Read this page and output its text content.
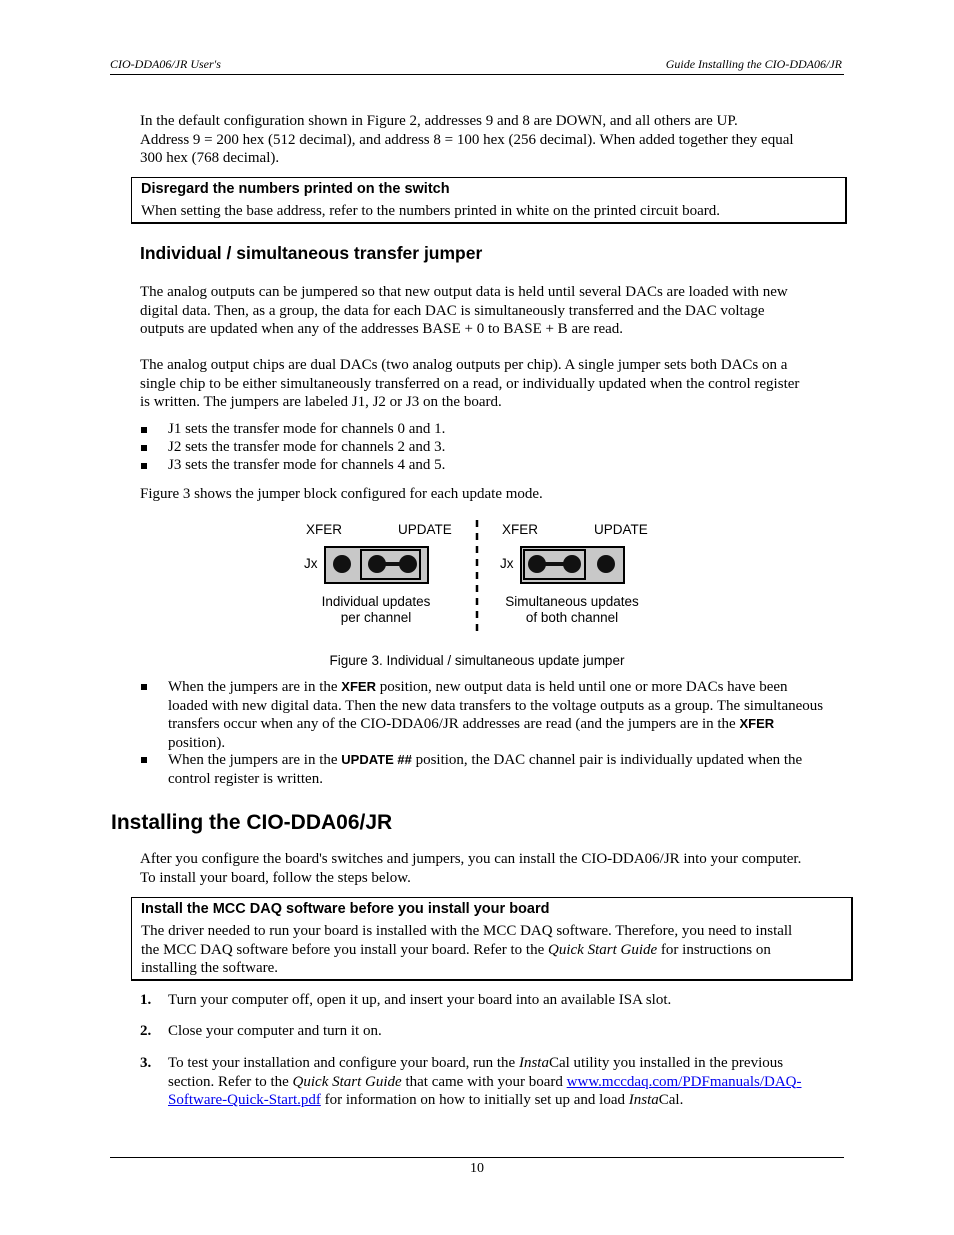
CIO-DDA06/JR User's	Guide Installing the CIO-DDA06/JR
In the default configuration shown in Figure 2, addresses 9 and 8 are DOWN, and all others are UP.
Address 9 = 200 hex (512 decimal), and address 8 = 100 hex (256 decimal). When added together they equal
300 hex (768 decimal).
Disregard the numbers printed on the switch
When setting the base address, refer to the numbers printed in white on the printed circuit board.
Individual / simultaneous transfer jumper
The analog outputs can be jumpered so that new output data is held until several DACs are loaded with new
digital data. Then, as a group, the data for each DAC is simultaneously transferred and the DAC voltage
outputs are updated when any of the addresses BASE + 0 to BASE + B are read.
The analog output chips are dual DACs (two analog outputs per chip). A single jumper sets both DACs on a
single chip to be either simultaneously transferred on a read, or individually updated when the control register
is written. The jumpers are labeled J1, J2 or J3 on the board.
J1 sets the transfer mode for channels 0 and 1.
J2 sets the transfer mode for channels 2 and 3.
J3 sets the transfer mode for channels 4 and 5.
Figure 3 shows the jumper block configured for each update mode.
XFER	UPDATE
Jx
Individual updates
per channel
XFER	UPDATE
Jx
Simultaneous updates
of both channel
Figure 3. Individual / simultaneous update jumper
When the jumpers are in the XFER position, new output data is held until one or more DACs have been
loaded with new digital data. Then the new data transfers to the voltage outputs as a group. The simultaneous
transfers occur when any of the CIO-DDA06/JR addresses are read (and the jumpers are in the XFER
position).
When the jumpers are in the UPDATE ## position, the DAC channel pair is individually updated when the
control register is written.
Installing the CIO-DDA06/JR
After you configure the board's switches and jumpers, you can install the CIO-DDA06/JR into your computer.
To install your board, follow the steps below.
Install the MCC DAQ software before you install your board
The driver needed to run your board is installed with the MCC DAQ software. Therefore, you need to install
the MCC DAQ software before you install your board. Refer to the Quick Start Guide for instructions on
installing the software.
1. Turn your computer off, open it up, and insert your board into an available ISA slot.
2. Close your computer and turn it on.
3. To test your installation and configure your board, run the InstaCal utility you installed in the previous
section. Refer to the Quick Start Guide that came with your board www.mccdaq.com/PDFmanuals/DAQ-
Software-Quick-Start.pdf for information on how to initially set up and load InstaCal.
10
